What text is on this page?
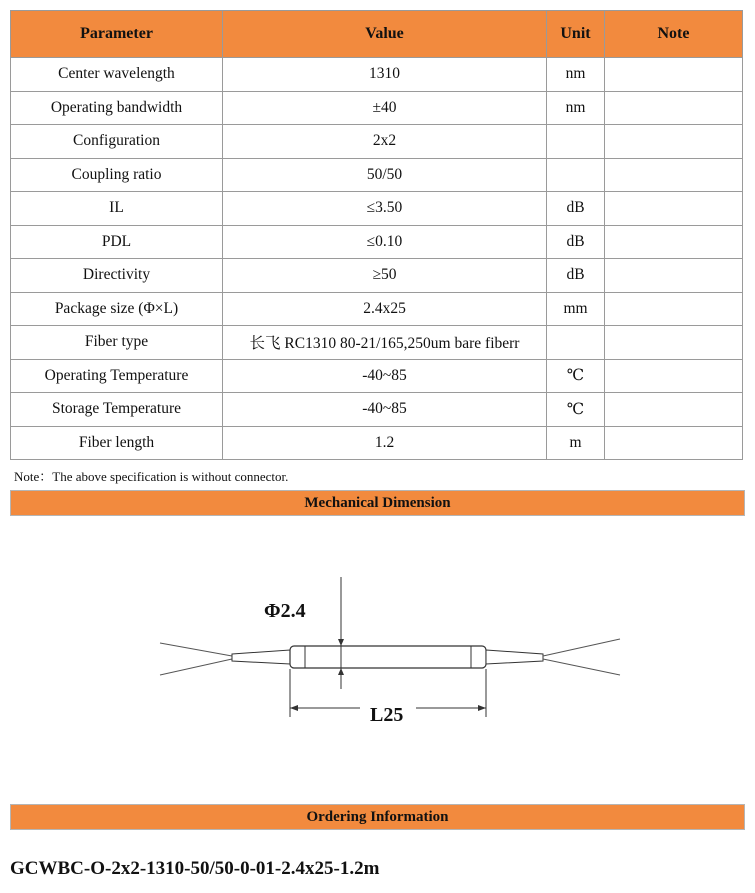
Parameter	Value	Unit	Note
Center wavelength	1310	nm	
Operating bandwidth	±40	nm	
Configuration	2x2		
Coupling ratio	50/50		
IL	≤3.50	dB	
PDL	≤0.10	dB	
Directivity	≥50	dB	
Package size (Φ×L)	2.4x25	mm	
Fiber type	长飞 RC1310 80-21/165,250um bare fiberr		
Operating Temperature	-40~85	℃	
Storage Temperature	-40~85	℃	
Fiber length	1.2	m	
Note：The above specification is without connector.
Mechanical Dimension
Φ2.4
L25
Ordering Information
GCWBC-O-2x2-1310-50/50-0-01-2.4x25-1.2m
